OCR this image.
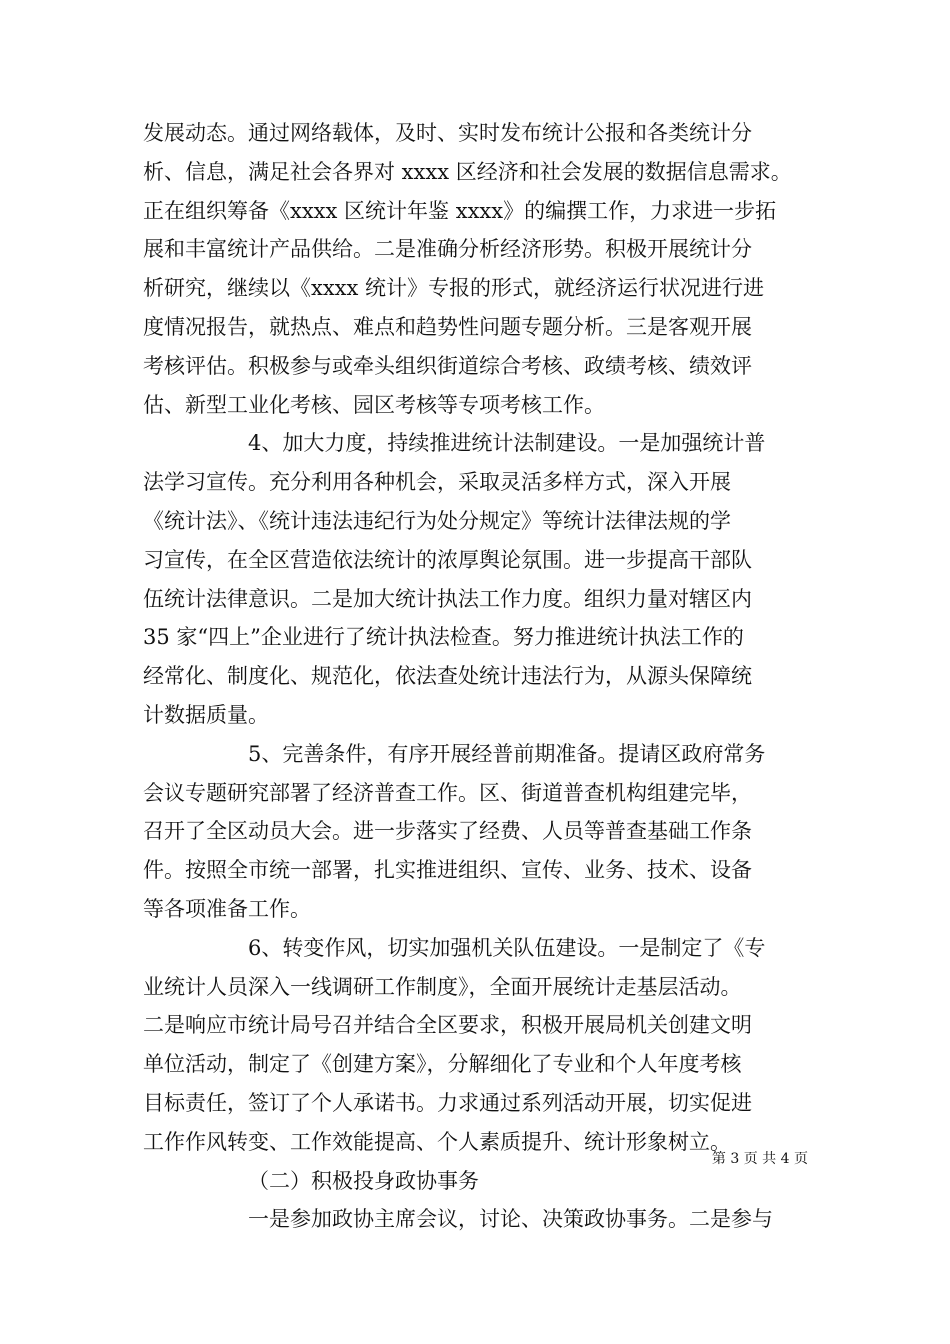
发展动态。通过网络载体，及时、实时发布统计公报和各类统计分
析、信息，满足社会各界对 xxxx 区经济和社会发展的数据信息需求。
正在组织筹备《xxxx 区统计年鉴 xxxx》的编撰工作，力求进一步拓
展和丰富统计产品供给。二是准确分析经济形势。积极开展统计分
析研究，继续以《xxxx 统计》专报的形式，就经济运行状况进行进
度情况报告，就热点、难点和趋势性问题专题分析。三是客观开展
考核评估。积极参与或牵头组织街道综合考核、政绩考核、绩效评
估、新型工业化考核、园区考核等专项考核工作。
4、加大力度，持续推进统计法制建设。一是加强统计普
法学习宣传。充分利用各种机会，采取灵活多样方式，深入开展
《统计法》、《统计违法违纪行为处分规定》等统计法律法规的学
习宣传，在全区营造依法统计的浓厚舆论氛围。进一步提高干部队
伍统计法律意识。二是加大统计执法工作力度。组织力量对辖区内
35 家“四上”企业进行了统计执法检查。努力推进统计执法工作的
经常化、制度化、规范化，依法查处统计违法行为，从源头保障统
计数据质量。
5、完善条件，有序开展经普前期准备。提请区政府常务
会议专题研究部署了经济普查工作。区、街道普查机构组建完毕，
召开了全区动员大会。进一步落实了经费、人员等普查基础工作条
件。按照全市统一部署，扎实推进组织、宣传、业务、技术、设备
等各项准备工作。
6、转变作风，切实加强机关队伍建设。一是制定了《专
业统计人员深入一线调研工作制度》，全面开展统计走基层活动。
二是响应市统计局号召并结合全区要求，积极开展局机关创建文明
单位活动，制定了《创建方案》，分解细化了专业和个人年度考核
目标责任，签订了个人承诺书。力求通过系列活动开展，切实促进
工作作风转变、工作效能提高、个人素质提升、统计形象树立。
（二）积极投身政协事务
一是参加政协主席会议，讨论、决策政协事务。二是参与
第 3 页 共 4 页
